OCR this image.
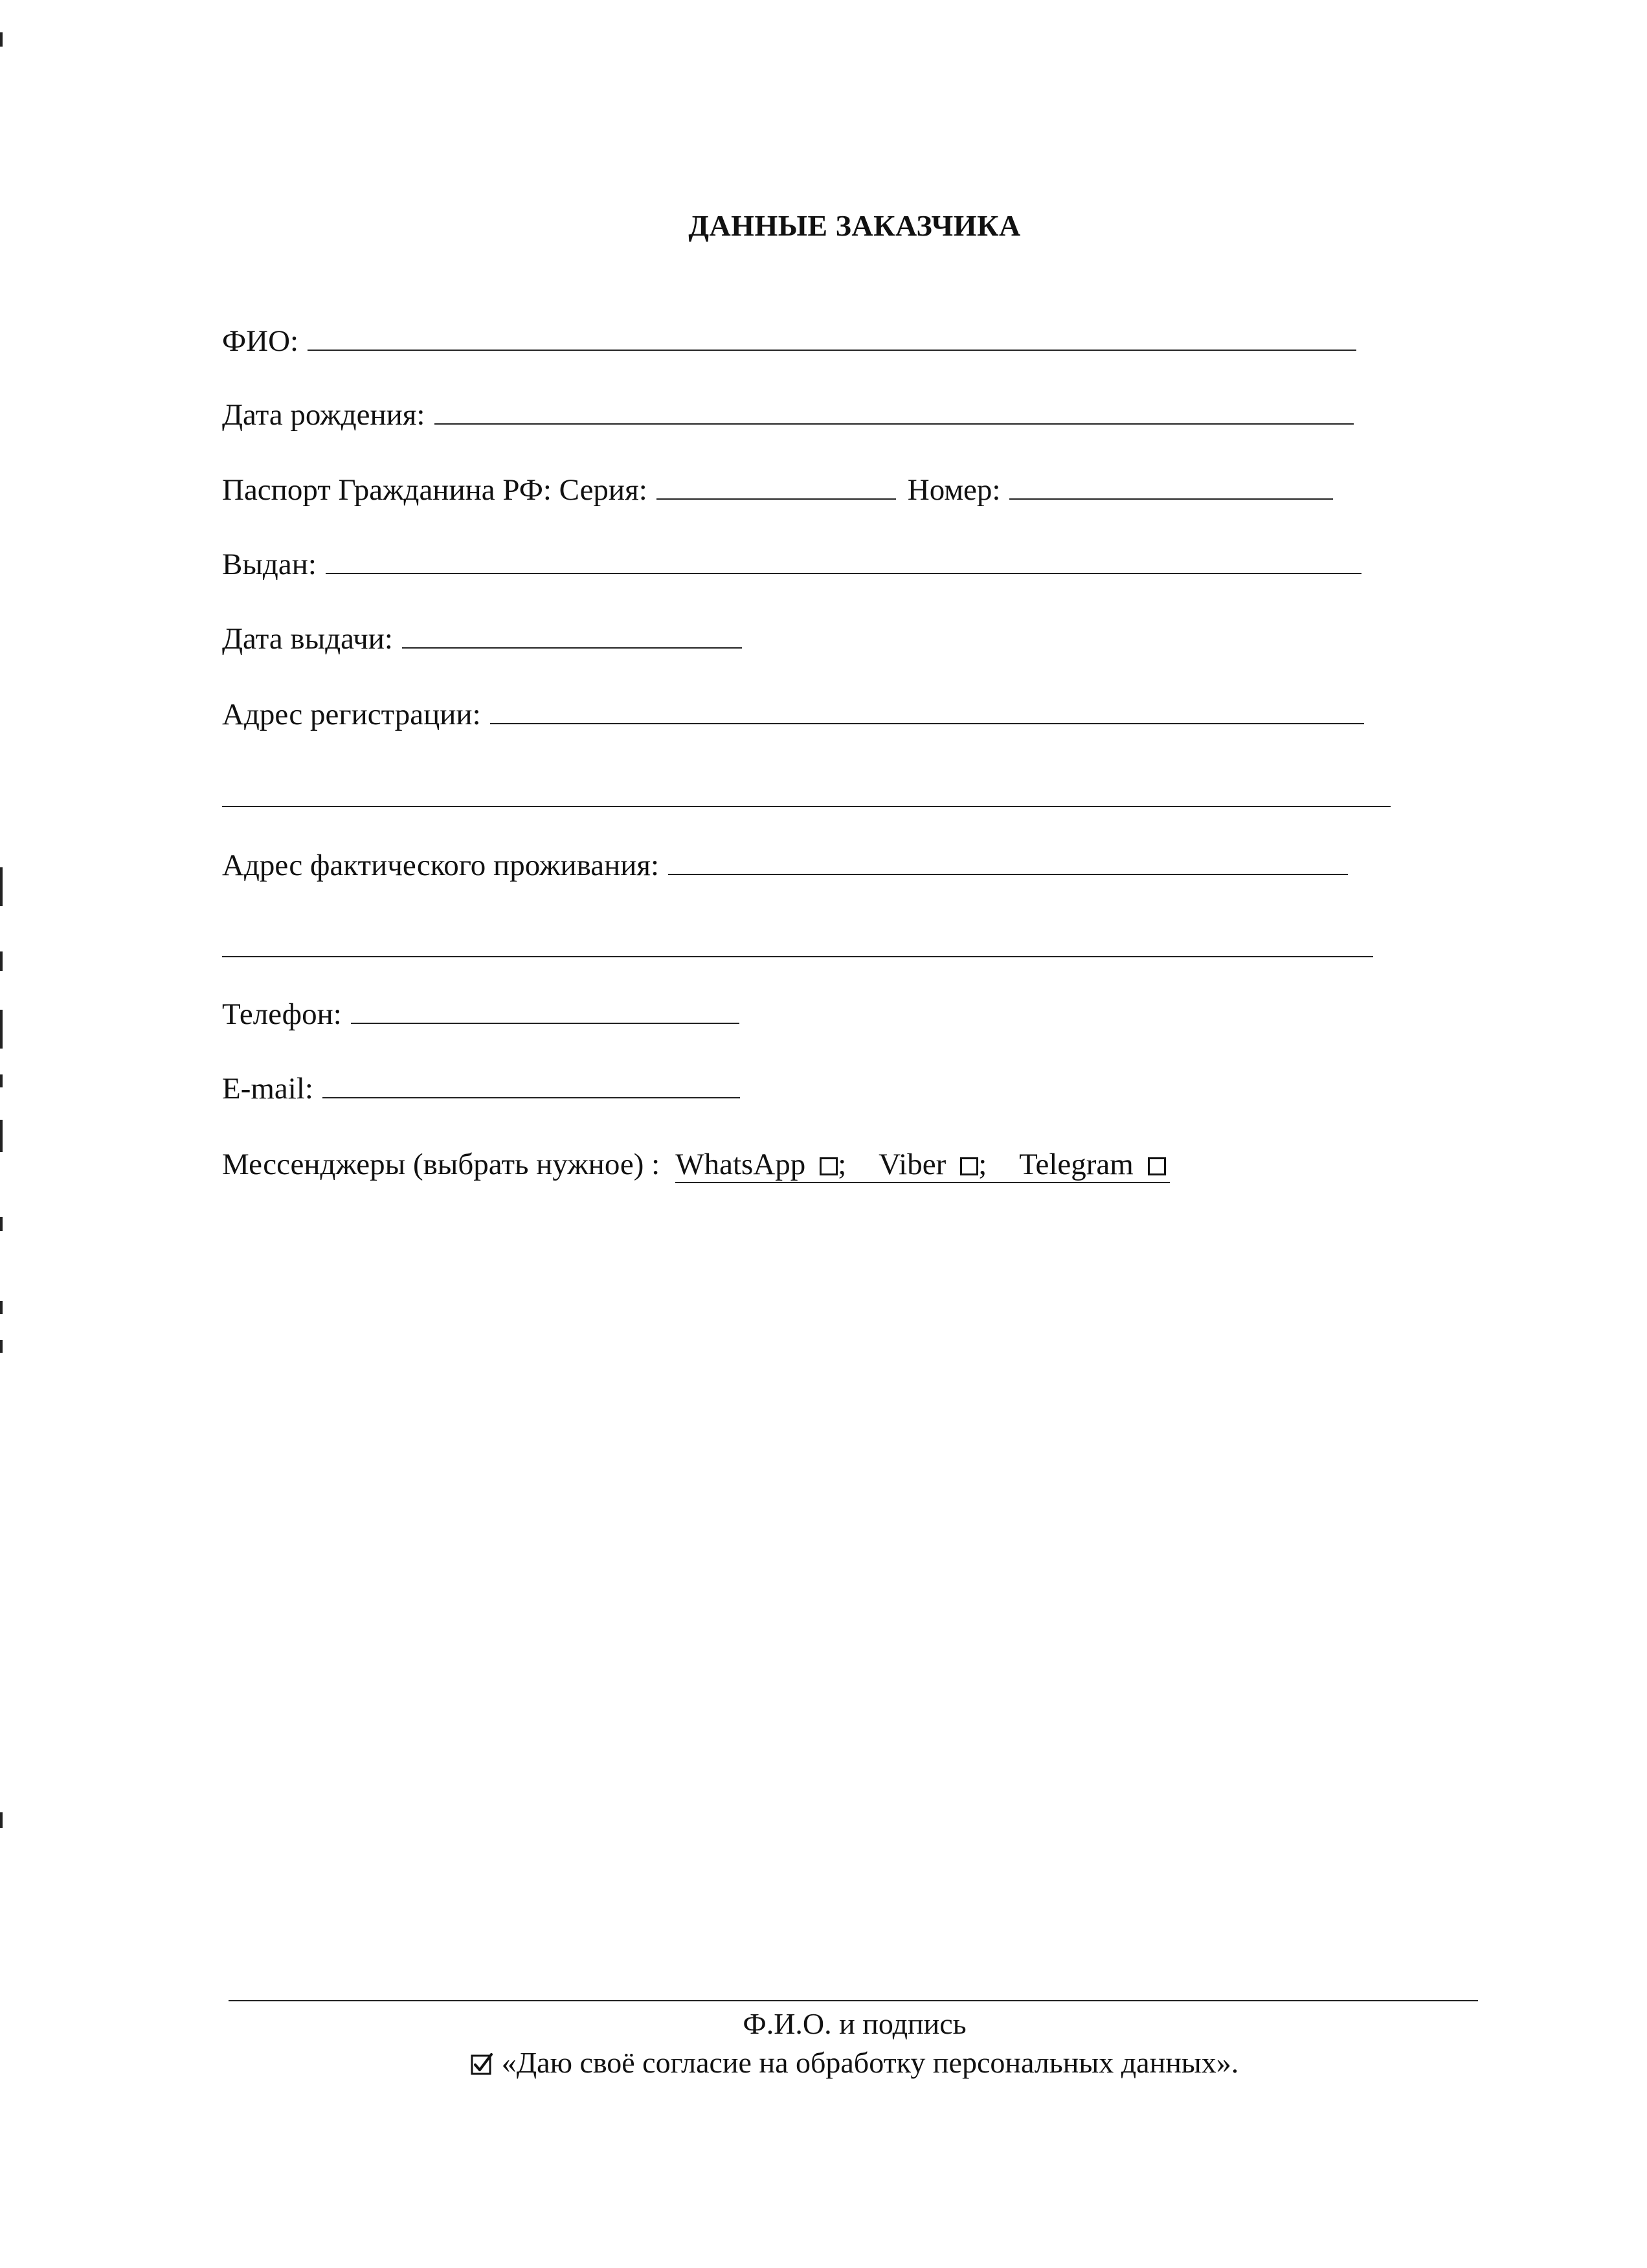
ДАННЫЕ ЗАКАЗЧИКА
ФИО:
Дата рождения:
Паспорт Гражданина РФ: Серия:	Номер:
Выдан:
Дата выдачи:
Адрес регистрации:
Адрес фактического проживания:
Телефон:
E-mail:
Мессенджеры (выбрать нужное) : WhatsApp ; Viber ; Telegram
Ф.И.О. и подпись
«Даю своё согласие на обработку персональных данных».
